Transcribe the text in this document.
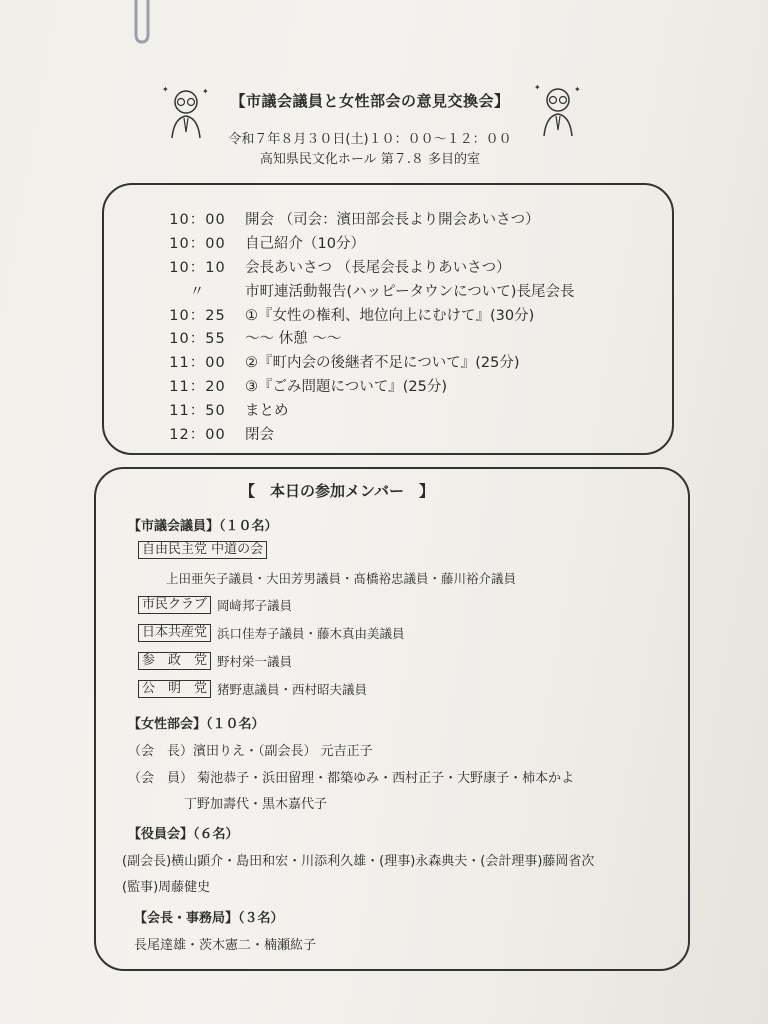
✦	✦
【市議会議員と女性部会の意見交換会】
✦	✦
令和７年８月３０日(土)１０：００～１２：００
高知県民文化ホール 第７.８ 多目的室
10：00	開会 （司会：濱田部会長より開会あいさつ）
10：00	自己紹介（10分）
10：10	会長あいさつ （長尾会長よりあいさつ）
〃	市町連活動報告(ハッピータウンについて)長尾会長
10：25	①『女性の権利、地位向上にむけて』(30分)
10：55	～～ 休憩 ～～
11：00	②『町内会の後継者不足について』(25分)
11：20	③『ごみ問題について』(25分)
11：50	まとめ
12：00	閉会
【　本日の参加メンバー　】
【市議会議員】（１０名）
自由民主党 中道の会
上田亜矢子議員・大田芳男議員・髙橋裕忠議員・藤川裕介議員
市民クラブ 岡﨑邦子議員
日本共産党 浜口佳寿子議員・藤木真由美議員
参　政　党 野村栄一議員
公　明　党 猪野恵議員・西村昭夫議員
【女性部会】（１０名）
（会　長）濱田りえ・（副会長） 元吉正子
（会　員） 菊池恭子・浜田留理・都築ゆみ・西村正子・大野康子・柿本かよ
丁野加壽代・黒木嘉代子
【役員会】（６名）
(副会長)横山顕介・島田和宏・川添利久雄・(理事)永森典夫・(会計理事)藤岡省次
(監事)周藤健史
【会長・事務局】（３名）
長尾達雄・茨木憲二・楠瀬紘子
